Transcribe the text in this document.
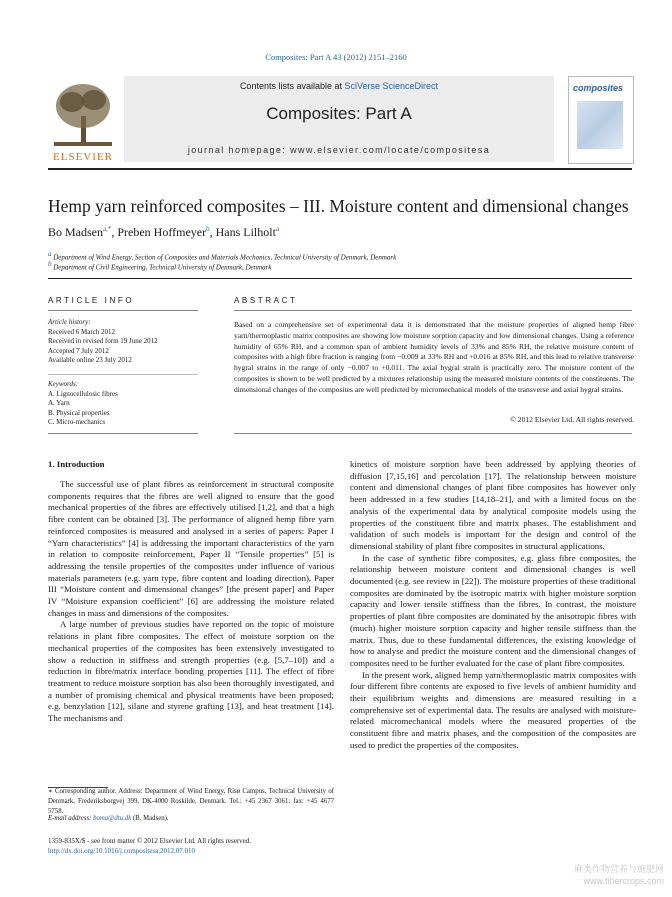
Composites: Part A 43 (2012) 2151–2160
ELSEVIER
Contents lists available at SciVerse ScienceDirect
Composites: Part A
journal homepage: www.elsevier.com/locate/compositesa
composites
Hemp yarn reinforced composites – III. Moisture content and dimensional changes
Bo Madsen$^{a,*}$, Preben Hoffmeyer$^b$, Hans Lilholt$^a$
$^a$ Department of Wind Energy, Section of Composites and Materials Mechanics, Technical University of Denmark, Denmark
$^b$ Department of Civil Engineering, Technical University of Denmark, Denmark
ARTICLE INFO
Article history:
Received 6 March 2012
Received in revised form 19 June 2012
Accepted 7 July 2012
Available online 23 July 2012
Keywords:
A. Lignocellulosic fibres
A. Yarn
B. Physical properties
C. Micro-mechanics
ABSTRACT
Based on a comprehensive set of experimental data it is demonstrated that the moisture properties of aligned hemp fibre yarn/thermoplastic matrix composites are showing low moisture sorption capacity and low dimensional changes. Using a reference humidity of 65% RH, and a common span of ambient humidity levels of 33% and 85% RH, the relative moisture content of composites with a high fibre fraction is ranging from −0.009 at 33% RH and +0.016 at 85% RH, and this lead to relative transverse hygral strains in the range of only −0.007 to +0.011. The axial hygral strain is practically zero. The moisture content of the composites is shown to be well predicted by a mixtures relationship using the measured moisture contents of the constituents. The dimensional changes of the composites are well predicted by micromechanical models of the transverse and axial hygral strains.
© 2012 Elsevier Ltd. All rights reserved.
1. Introduction

The successful use of plant fibres as reinforcement in structural composite components requires that the fibres are well aligned to ensure that the good mechanical properties of the fibres are effectively utilised [1,2], and that a high fibre content can be obtained [3]. The performance of aligned hemp fibre yarn reinforced composites is measured and analysed in a series of papers: Paper I “Yarn characteristics” [4] is addressing the important characteristics of the yarn in relation to composite reinforcement, Paper II “Tensile properties” [5] is addressing the tensile properties of the composites under influence of various materials parameters (e.g. yarn type, fibre content and loading direction), Paper III “Moisture content and dimensional changes” [the present paper] and Paper IV “Moisture expansion coefficient” [6] are addressing the moisture related changes in mass and dimensions of the composites.

A large number of previous studies have reported on the topic of moisture relations in plant fibre composites. The effect of moisture sorption on the mechanical properties of the composites has been extensively investigated to show a reduction in stiffness and strength properties (e.g. [5,7–10]) and a reduction in fibre/matrix interface bonding properties [11]. The effect of fibre treatment to reduce moisture sorption has also been thoroughly investigated, and a number of promising chemical and physical treatments have been proposed; e.g. benzylation [12], silane and styrene grafting [13], and heat treatment [14]. The mechanisms and

kinetics of moisture sorption have been addressed by applying theories of diffusion [7,15,16] and percolation [17]. The relationship between moisture content and dimensional changes of plant fibre composites has however only been addressed in a few studies [14,18–21], and with a limited focus on the analysis of the experimental data by analytical composite models using the properties of the constituent fibre and matrix phases. The establishment and validation of such models is important for the design and control of the dimensional stability of plant fibre composites in structural applications.

In the case of synthetic fibre composites, e.g. glass fibre composites, the relationship between moisture content and dimensional changes is well documented (e.g. see review in [22]). The moisture properties of these traditional composites are dominated by the isotropic matrix with higher moisture sorption capacity and lower tensile stiffness than the fibres. In contrast, the moisture properties of plant fibre composites are dominated by the anisotropic fibres with (much) higher moisture sorption capacity and higher tensile stiffness than the matrix. Thus, due to these fundamental differences, the existing knowledge of how to analyse and predict the moisture content and the dimensional changes of composites need to be further evaluated for the case of plant fibre composites.

In the present work, aligned hemp yarn/thermoplastic matrix composites with four different fibre contents are exposed to five levels of ambient humidity and their equilibrium weights and dimensions are measured resulting in a comprehensive set of experimental data. The results are analysed with moisture-related micromechanical models where the measured properties of the constituent fibre and matrix phases, and the composition of the composites are used to predict the properties of the composites.

∗ Corresponding author. Address: Department of Wind Energy, Risø Campus, Technical University of Denmark, Frederiksborgvej 399, DK-4000 Roskilde, Denmark. Tel.: +45 2367 3061; fax: +45 4677 5758.
E-mail address: boma@dtu.dk (B. Madsen).
1359-835X/$ - see front matter © 2012 Elsevier Ltd. All rights reserved.
http://dx.doi.org/10.1016/j.compositesa.2012.07.010
麻类作物营养与施肥网
www.fibercrops.com
